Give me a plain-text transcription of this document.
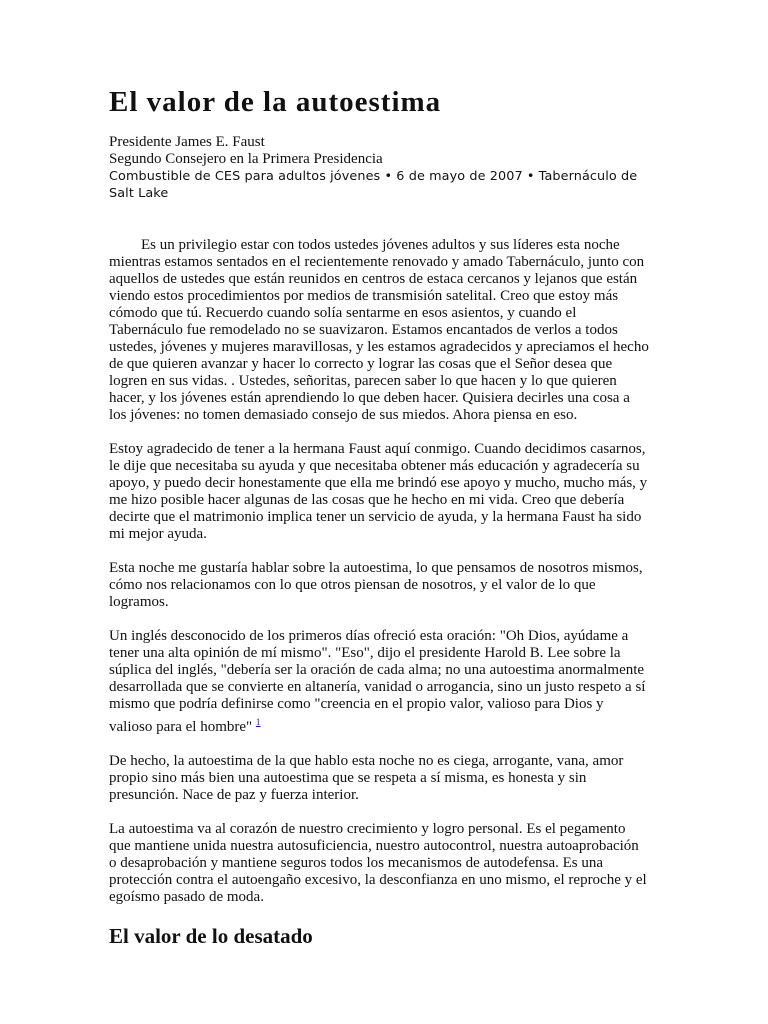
El valor de la autoestima
Presidente James E. Faust
Segundo Consejero en la Primera Presidencia
Combustible de CES para adultos jóvenes • 6 de mayo de 2007 • Tabernáculo de Salt Lake

Es un privilegio estar con todos ustedes jóvenes adultos y sus líderes esta noche mientras estamos sentados en el recientemente renovado y amado Tabernáculo, junto con aquellos de ustedes que están reunidos en centros de estaca cercanos y lejanos que están viendo estos procedimientos por medios de transmisión satelital. Creo que estoy más cómodo que tú. Recuerdo cuando solía sentarme en esos asientos, y cuando el Tabernáculo fue remodelado no se suavizaron. Estamos encantados de verlos a todos ustedes, jóvenes y mujeres maravillosas, y les estamos agradecidos y apreciamos el hecho de que quieren avanzar y hacer lo correcto y lograr las cosas que el Señor desea que logren en sus vidas. . Ustedes, señoritas, parecen saber lo que hacen y lo que quieren hacer, y los jóvenes están aprendiendo lo que deben hacer. Quisiera decirles una cosa a los jóvenes: no tomen demasiado consejo de sus miedos. Ahora piensa en eso.

Estoy agradecido de tener a la hermana Faust aquí conmigo. Cuando decidimos casarnos, le dije que necesitaba su ayuda y que necesitaba obtener más educación y agradecería su apoyo, y puedo decir honestamente que ella me brindó ese apoyo y mucho, mucho más, y me hizo posible hacer algunas de las cosas que he hecho en mi vida. Creo que debería decirte que el matrimonio implica tener un servicio de ayuda, y la hermana Faust ha sido mi mejor ayuda.

Esta noche me gustaría hablar sobre la autoestima, lo que pensamos de nosotros mismos, cómo nos relacionamos con lo que otros piensan de nosotros, y el valor de lo que logramos.

Un inglés desconocido de los primeros días ofreció esta oración: "Oh Dios, ayúdame a tener una alta opinión de mí mismo". "Eso", dijo el presidente Harold B. Lee sobre la súplica del inglés, "debería ser la oración de cada alma; no una autoestima anormalmente desarrollada que se convierte en altanería, vanidad o arrogancia, sino un justo respeto a sí mismo que podría definirse como "creencia en el propio valor, valioso para Dios y valioso para el hombre" $^1$

De hecho, la autoestima de la que hablo esta noche no es ciega, arrogante, vana, amor propio sino más bien una autoestima que se respeta a sí misma, es honesta y sin presunción. Nace de paz y fuerza interior.

La autoestima va al corazón de nuestro crecimiento y logro personal. Es el pegamento que mantiene unida nuestra autosuficiencia, nuestro autocontrol, nuestra autoaprobación o desaprobación y mantiene seguros todos los mecanismos de autodefensa. Es una protección contra el autoengaño excesivo, la desconfianza en uno mismo, el reproche y el egoísmo pasado de moda.

El valor de lo desatado
